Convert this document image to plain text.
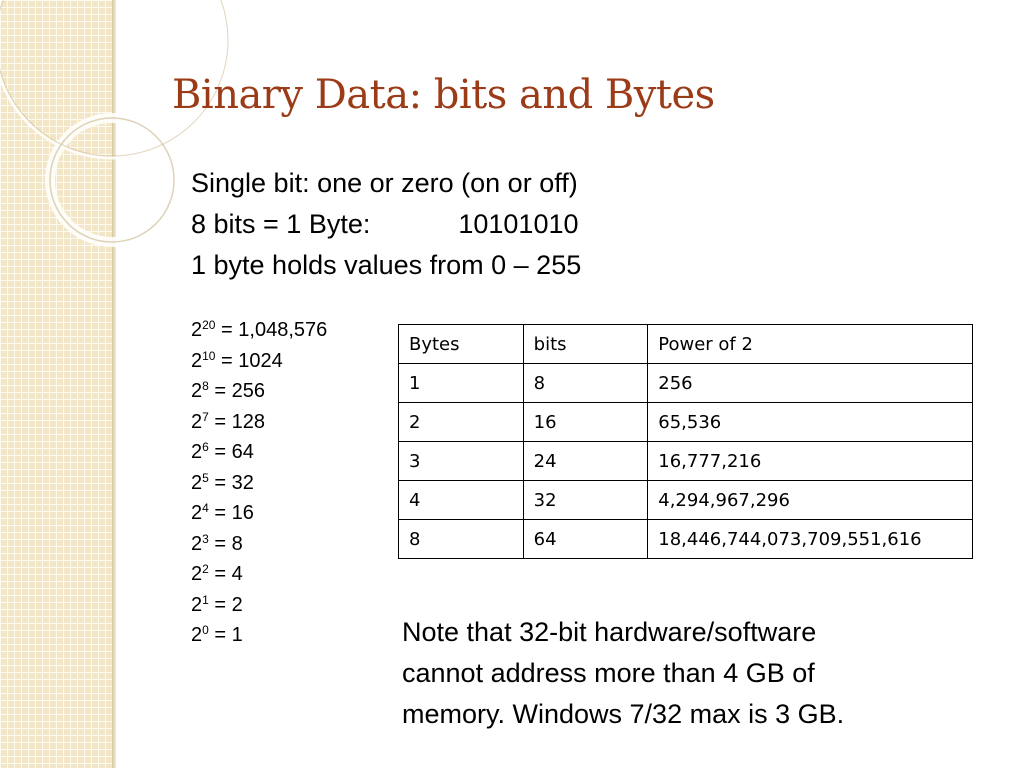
Binary Data: bits and Bytes
Single bit: one or zero (on or off)
8 bits = 1 Byte:	10101010
1 byte holds values from 0 – 255
$2^{20} = 1,048,576$
$2^{10} = 1024$
$2^8 = 256$
$2^7 = 128$
$2^6 = 64$
$2^5 = 32$
$2^4 = 16$
$2^3 = 8$
$2^2 = 4$
$2^1 = 2$
$2^0 = 1$
Bytes	bits	Power of 2
1	8	256
2	16	65,536
3	24	16,777,216
4	32	4,294,967,296
8	64	18,446,744,073,709,551,616
Note that 32-bit hardware/software
cannot address more than 4 GB of
memory. Windows 7/32 max is 3 GB.
